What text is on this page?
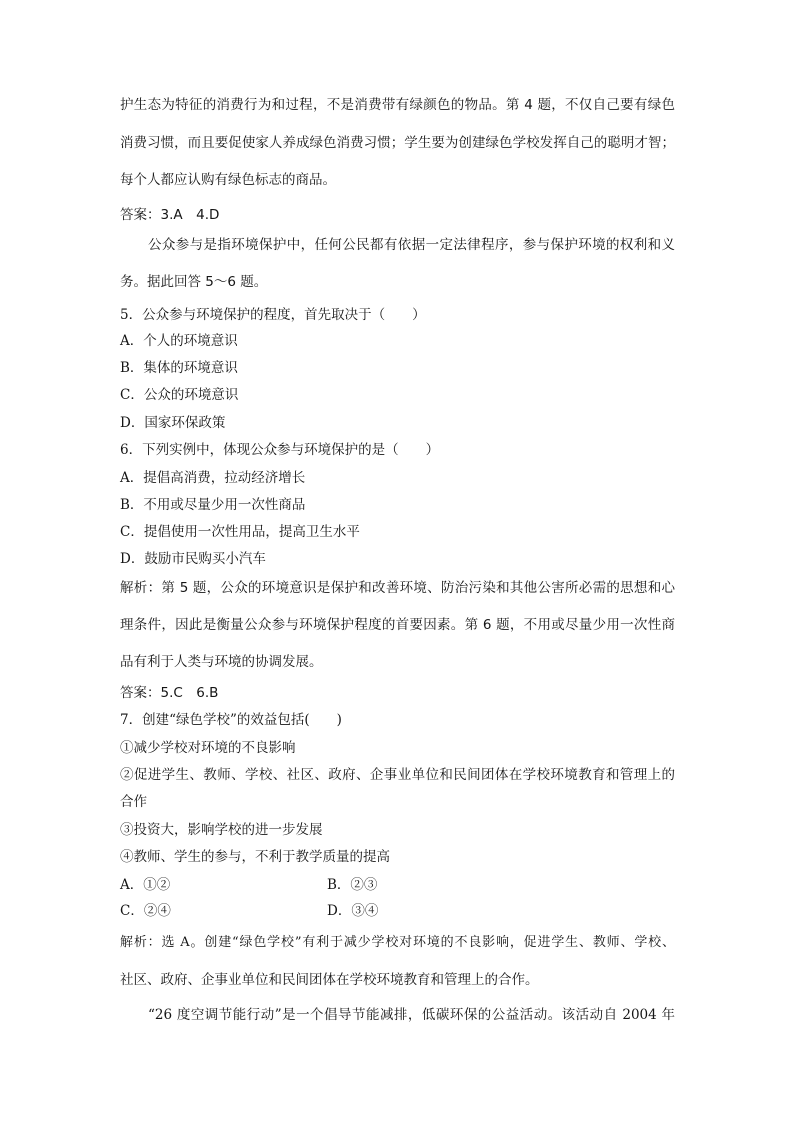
护生态为特征的消费行为和过程，不是消费带有绿颜色的物品。第 4 题，不仅自己要有绿色
消费习惯，而且要促使家人养成绿色消费习惯；学生要为创建绿色学校发挥自己的聪明才智；
每个人都应认购有绿色标志的商品。
答案：3.A　4.D
公众参与是指环境保护中，任何公民都有依据一定法律程序，参与保护环境的权利和义
务。据此回答 5～6 题。
5．公众参与环境保护的程度，首先取决于（　　）
A．个人的环境意识
B．集体的环境意识
C．公众的环境意识
D．国家环保政策
6．下列实例中，体现公众参与环境保护的是（　　）
A．提倡高消费，拉动经济增长
B．不用或尽量少用一次性商品
C．提倡使用一次性用品，提高卫生水平
D．鼓励市民购买小汽车
解析：第 5 题，公众的环境意识是保护和改善环境、防治污染和其他公害所必需的思想和心
理条件，因此是衡量公众参与环境保护程度的首要因素。第 6 题，不用或尽量少用一次性商
品有利于人类与环境的协调发展。
答案：5.C　6.B
7．创建“绿色学校”的效益包括(　　)
①减少学校对环境的不良影响
②促进学生、教师、学校、社区、政府、企事业单位和民间团体在学校环境教育和管理上的
合作
③投资大，影响学校的进一步发展
④教师、学生的参与，不利于教学质量的提高
A．①②	B．②③
C．②④	D．③④
解析：选 A。创建“绿色学校”有利于减少学校对环境的不良影响，促进学生、教师、学校、
社区、政府、企事业单位和民间团体在学校环境教育和管理上的合作。
“26 度空调节能行动”是一个倡导节能减排，低碳环保的公益活动。该活动自 2004 年
